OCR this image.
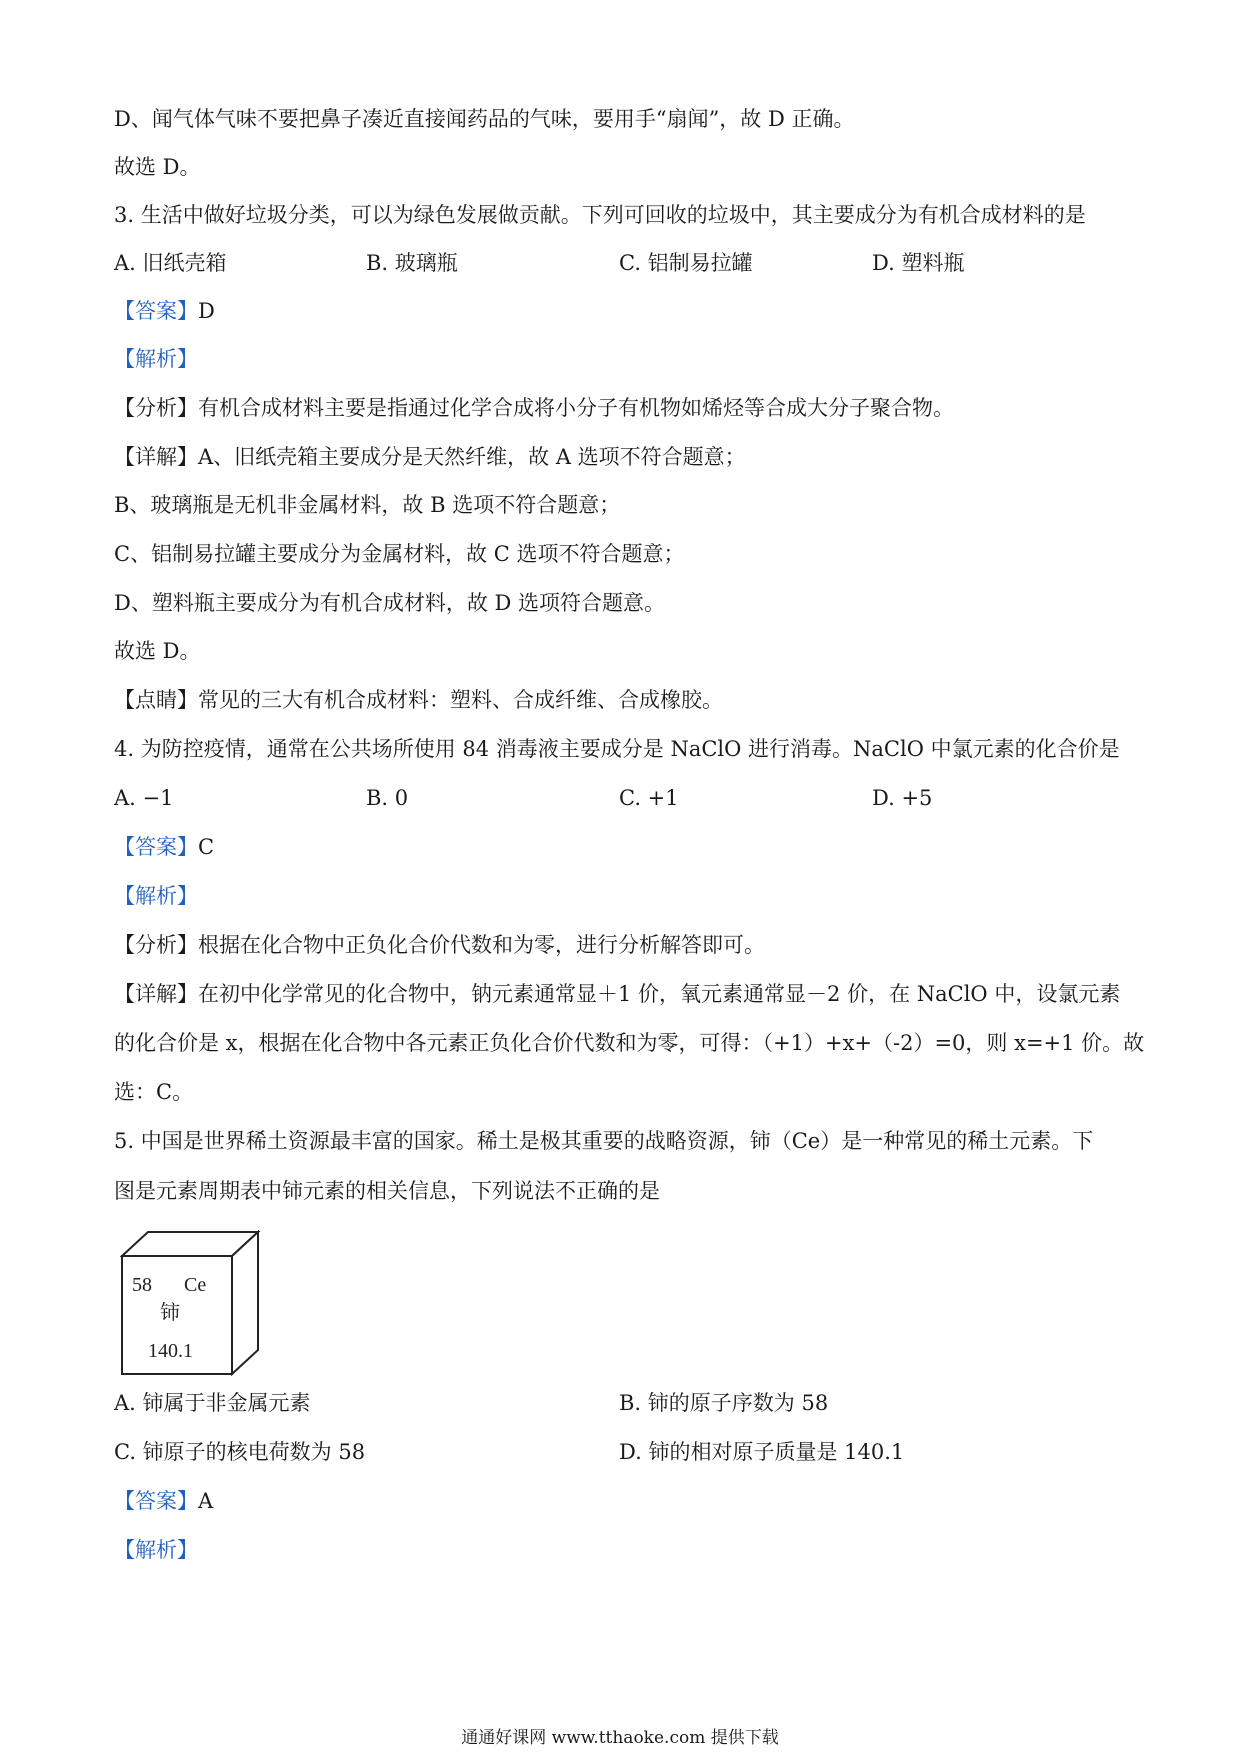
D、闻气体气味不要把鼻子凑近直接闻药品的气味，要用手“扇闻”，故 D 正确。
故选 D。
3. 生活中做好垃圾分类，可以为绿色发展做贡献。下列可回收的垃圾中，其主要成分为有机合成材料的是
A. 旧纸壳箱	B. 玻璃瓶	C. 铝制易拉罐	D. 塑料瓶
【答案】D
【解析】
【分析】有机合成材料主要是指通过化学合成将小分子有机物如烯烃等合成大分子聚合物。
【详解】A、旧纸壳箱主要成分是天然纤维，故 A 选项不符合题意；
B、玻璃瓶是无机非金属材料，故 B 选项不符合题意；
C、铝制易拉罐主要成分为金属材料，故 C 选项不符合题意；
D、塑料瓶主要成分为有机合成材料，故 D 选项符合题意。
故选 D。
【点睛】常见的三大有机合成材料：塑料、合成纤维、合成橡胶。
4. 为防控疫情，通常在公共场所使用 84 消毒液主要成分是 NaClO 进行消毒。NaClO 中氯元素的化合价是
A. −1	B. 0	C. +1	D. +5
【答案】C
【解析】
【分析】根据在化合物中正负化合价代数和为零，进行分析解答即可。
【详解】在初中化学常见的化合物中，钠元素通常显＋1 价，氧元素通常显－2 价，在 NaClO 中，设氯元素
的化合价是 x，根据在化合物中各元素正负化合价代数和为零，可得：（+1）+x+（-2）=0，则 x=+1 价。故
选：C。
5. 中国是世界稀土资源最丰富的国家。稀土是极其重要的战略资源，铈（Ce）是一种常见的稀土元素。下
图是元素周期表中铈元素的相关信息，下列说法不正确的是
58 Ce
铈
140.1
A. 铈属于非金属元素	B. 铈的原子序数为 58
C. 铈原子的核电荷数为 58	D. 铈的相对原子质量是 140.1
【答案】A
【解析】
通通好课网 www.tthaoke.com 提供下载
